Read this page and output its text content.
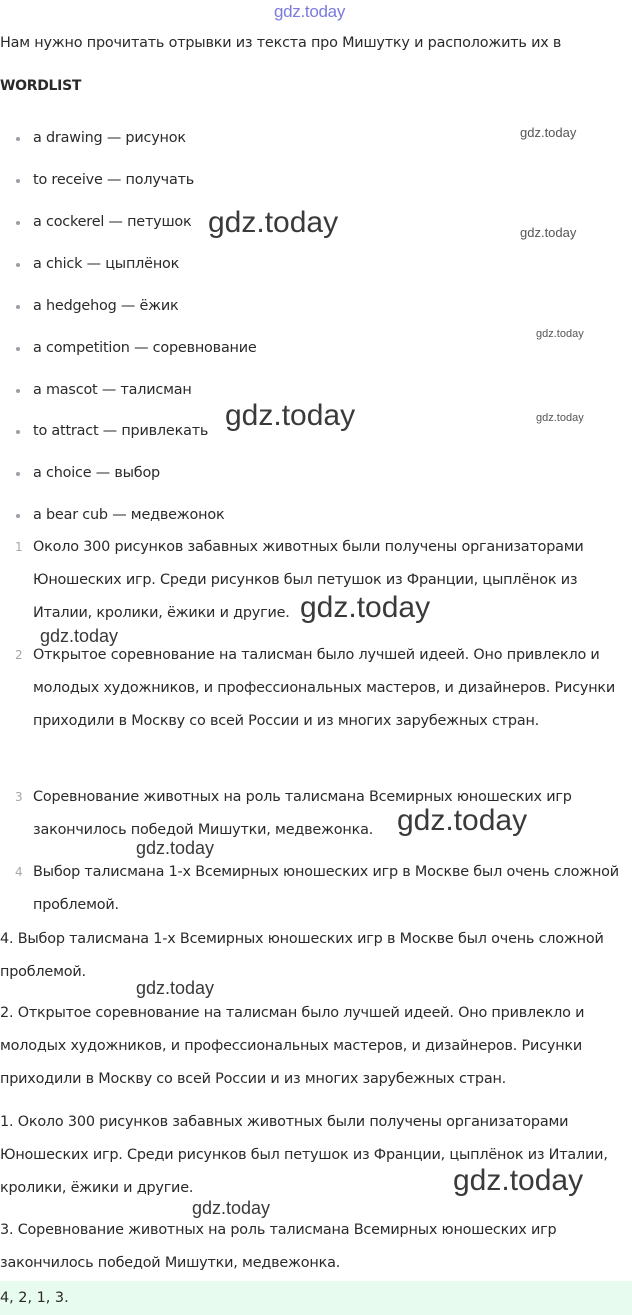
gdz.today
gdz.today
gdz.today	gdz.today
gdz.today
gdz.today	gdz.today
gdz.today
gdz.today
gdz.today
gdz.today
gdz.today
gdz.today
gdz.today
Нам нужно прочитать отрывки из текста про Мишутку и расположить их в
WORDLIST
a drawing — рисунок
to receive — получать
a cockerel — петушок
a chick — цыплёнок
a hedgehog — ёжик
a competition — соревнование
a mascot — талисман
to attract — привлекать
a choice — выбор
a bear cub — медвежонок
1 Около 300 рисунков забавных животных были получены организаторами Юношеских игр. Среди рисунков был петушок из Франции, цыплёнок из Италии, кролики, ёжики и другие.
2 Открытое соревнование на талисман было лучшей идеей. Оно привлекло и молодых художников, и профессиональных мастеров, и дизайнеров. Рисунки приходили в Москву со всей России и из многих зарубежных стран.
3 Соревнование животных на роль талисмана Всемирных юношеских игр закончилось победой Мишутки, медвежонка.
4 Выбор талисмана 1-х Всемирных юношеских игр в Москве был очень сложной проблемой.

4. Выбор талисмана 1-х Всемирных юношеских игр в Москве был очень сложной проблемой.

2. Открытое соревнование на талисман было лучшей идеей. Оно привлекло и молодых художников, и профессиональных мастеров, и дизайнеров. Рисунки приходили в Москву со всей России и из многих зарубежных стран.

1. Около 300 рисунков забавных животных были получены организаторами Юношеских игр. Среди рисунков был петушок из Франции, цыплёнок из Италии, кролики, ёжики и другие.

3. Соревнование животных на роль талисмана Всемирных юношеских игр закончилось победой Мишутки, медвежонка.

4, 2, 1, 3.
